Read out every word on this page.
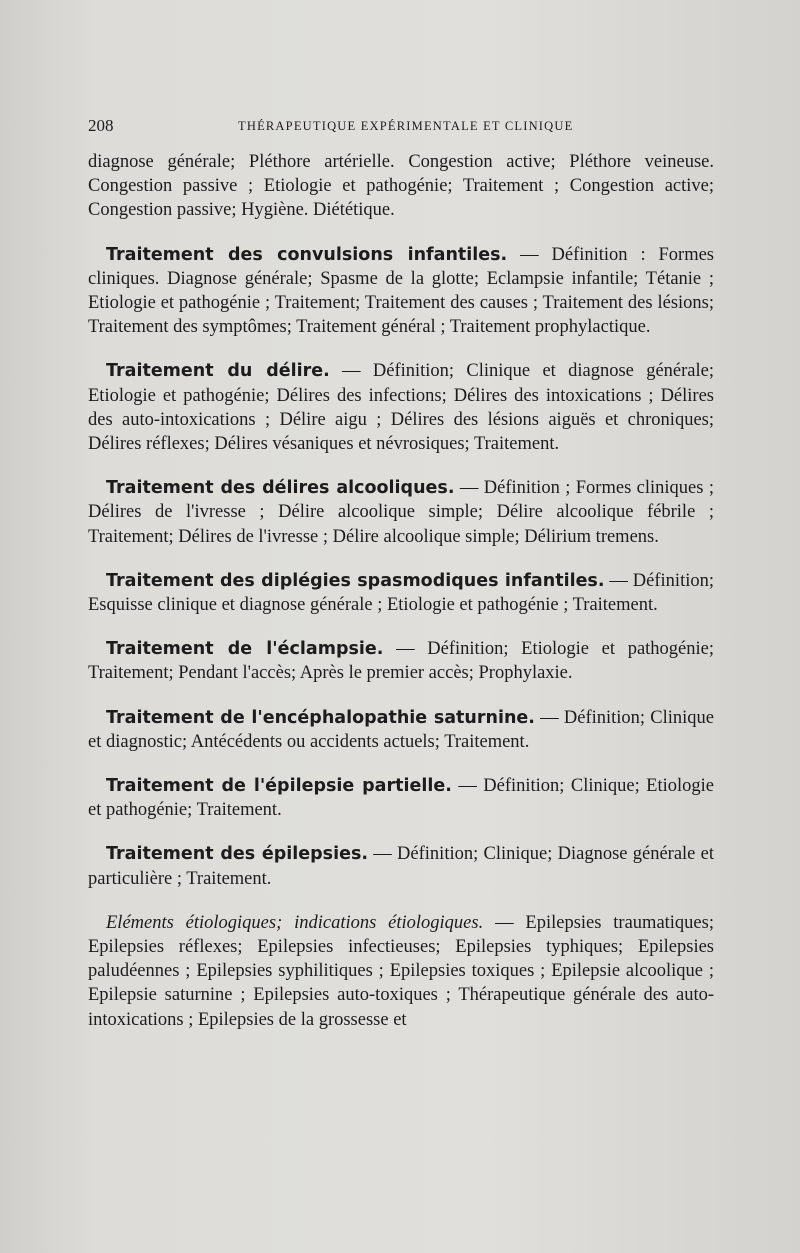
208	THÉRAPEUTIQUE EXPÉRIMENTALE ET CLINIQUE

diagnose générale; Pléthore artérielle. Congestion active; Pléthore veineuse. Congestion passive ; Etiologie et pathogénie; Traitement ; Congestion active; Congestion passive; Hygiène. Diététique.

Traitement des convulsions infantiles. — Définition : Formes cliniques. Diagnose générale; Spasme de la glotte; Eclampsie infantile; Tétanie ; Etiologie et pathogénie ; Traitement; Traitement des causes ; Traitement des lésions; Traitement des symptômes; Traitement général ; Traitement prophylactique.

Traitement du délire. — Définition; Clinique et diagnose générale; Etiologie et pathogénie; Délires des infections; Délires des intoxications ; Délires des auto-intoxications ; Délire aigu ; Délires des lésions aiguës et chroniques; Délires réflexes; Délires vésaniques et névrosiques; Traitement.

Traitement des délires alcooliques. — Définition ; Formes cliniques ; Délires de l'ivresse ; Délire alcoolique simple; Délire alcoolique fébrile ; Traitement; Délires de l'ivresse ; Délire alcoolique simple; Délirium tremens.

Traitement des diplégies spasmodiques infantiles. — Définition; Esquisse clinique et diagnose générale ; Etiologie et pathogénie ; Traitement.

Traitement de l'éclampsie. — Définition; Etiologie et pathogénie; Traitement; Pendant l'accès; Après le premier accès; Prophylaxie.

Traitement de l'encéphalopathie saturnine. — Définition; Clinique et diagnostic; Antécédents ou accidents actuels; Traitement.

Traitement de l'épilepsie partielle. — Définition; Clinique; Etiologie et pathogénie; Traitement.

Traitement des épilepsies. — Définition; Clinique; Diagnose générale et particulière ; Traitement.

Eléments étiologiques; indications étiologiques. — Epilepsies traumatiques; Epilepsies réflexes; Epilepsies infectieuses; Epilepsies typhiques; Epilepsies paludéennes ; Epilepsies syphilitiques ; Epilepsies toxiques ; Epilepsie alcoolique ; Epilepsie saturnine ; Epilepsies auto-toxiques ; Thérapeutique générale des auto-intoxications ; Epilepsies de la grossesse et
